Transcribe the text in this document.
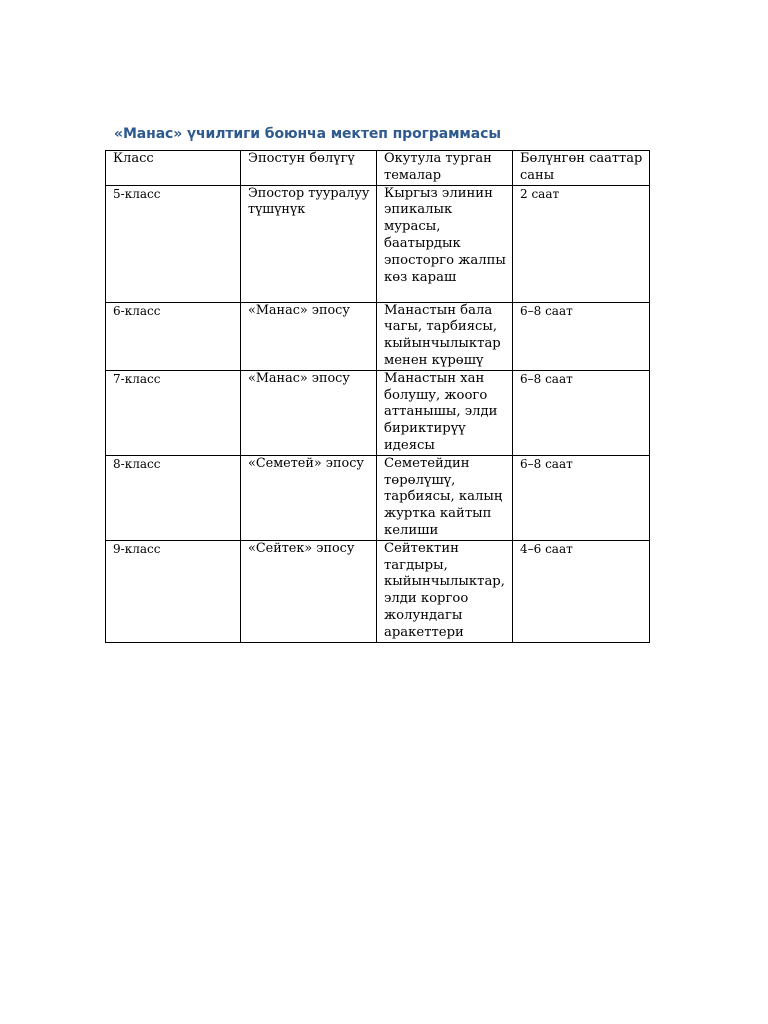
«Манас» үчилтиги боюнча мектеп программасы
Класс	Эпостун бөлүгү	Окутула турган темалар	Бөлүнгөн сааттар саны
5-класс	Эпостор тууралуу түшүнүк	Кыргыз элинин эпикалык мурасы, баатырдык эпосторго жалпы көз караш	2 саат
6-класс	«Манас» эпосу	Манастын бала чагы, тарбиясы, кыйынчылыктар менен күрөшү	6–8 саат
7-класс	«Манас» эпосу	Манастын хан болушу, жоого аттанышы, элди бириктирүү идеясы	6–8 саат
8-класс	«Семетей» эпосу	Семетейдин төрөлүшү, тарбиясы, калың журтка кайтып келиши	6–8 саат
9-класс	«Сейтек» эпосу	Сейтектин тагдыры, кыйынчылыктар, элди коргоо жолундагы аракеттери	4–6 саат
